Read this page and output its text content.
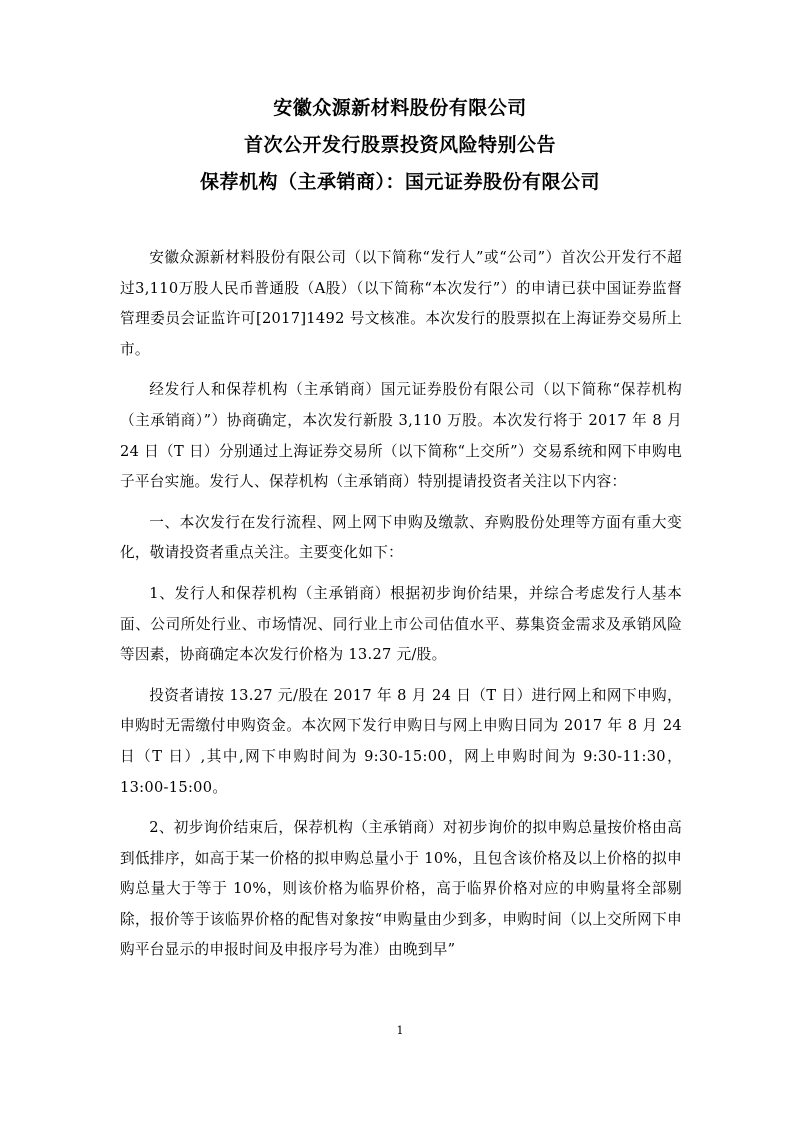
安徽众源新材料股份有限公司
首次公开发行股票投资风险特别公告
保荐机构（主承销商）：国元证券股份有限公司

安徽众源新材料股份有限公司（以下简称“发行人”或“公司”）首次公开发行不超过3,110万股人民币普通股（A股）（以下简称“本次发行”）的申请已获中国证券监督管理委员会证监许可[2017]1492 号文核准。本次发行的股票拟在上海证券交易所上市。

经发行人和保荐机构（主承销商）国元证券股份有限公司（以下简称“保荐机构（主承销商）”）协商确定，本次发行新股 3,110 万股。本次发行将于 2017 年 8 月 24 日（T 日）分别通过上海证券交易所（以下简称“上交所”）交易系统和网下申购电子平台实施。发行人、保荐机构（主承销商）特别提请投资者关注以下内容：

一、本次发行在发行流程、网上网下申购及缴款、弃购股份处理等方面有重大变化，敬请投资者重点关注。主要变化如下：

1、发行人和保荐机构（主承销商）根据初步询价结果，并综合考虑发行人基本面、公司所处行业、市场情况、同行业上市公司估值水平、募集资金需求及承销风险等因素，协商确定本次发行价格为 13.27 元/股。

投资者请按 13.27 元/股在 2017 年 8 月 24 日（T 日）进行网上和网下申购，申购时无需缴付申购资金。本次网下发行申购日与网上申购日同为 2017 年 8 月 24 日（T 日）,其中,网下申购时间为 9:30-15:00，网上申购时间为 9:30-11:30，13:00-15:00。

2、初步询价结束后，保荐机构（主承销商）对初步询价的拟申购总量按价格由高到低排序，如高于某一价格的拟申购总量小于 10%，且包含该价格及以上价格的拟申购总量大于等于 10%，则该价格为临界价格，高于临界价格对应的申购量将全部剔除，报价等于该临界价格的配售对象按“申购量由少到多，申购时间（以上交所网下申购平台显示的申报时间及申报序号为准）由晚到早”

1
